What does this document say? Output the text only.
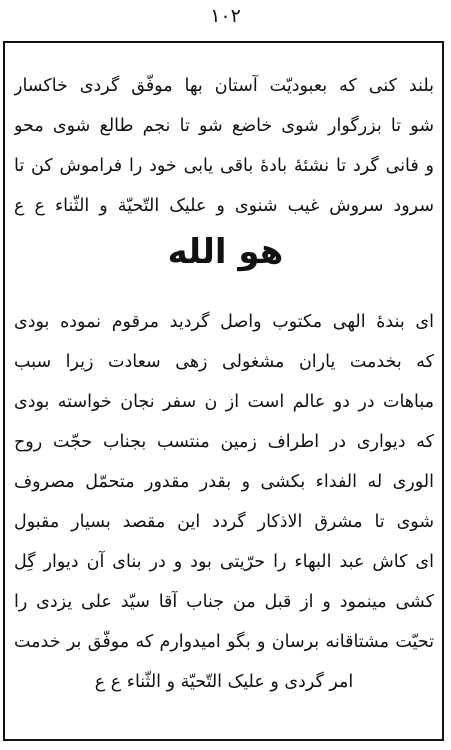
۱۰۲
بلند کنی که بعبودیّت آستان بها موفّق گردی خاکسار
شو تا بزرگوار شوی خاضع شو تا نجم طالع شوی محو
و فانی گرد تا نشئهٔ بادهٔ باقی یابی خود را فراموش کن تا
سرود سروش غیب شنوی و علیک التّحیّة و الثّناء ع ع
هو الله
ای بندهٔ الهی مکتوب واصل گردید مرقوم نموده بودی
که بخدمت یاران مشغولی زهی سعادت زیرا سبب
مباهات در دو عالم است از ن سفر نجان خواسته بودی
که دیواری در اطراف زمین منتسب بجناب حجّت روح
الوری له الفداء بکشی و بقدر مقدور متحمّل مصروف
شوی تا مشرق الاذکار گردد این مقصد بسیار مقبول
ای کاش عبد البهاء را حرّیتی بود و در بنای آن دیوار گِل
کشی مینمود و از قبل من جناب آقا سیّد علی یزدی را
تحیّت مشتاقانه برسان و بگو امیدوارم که موفّق بر خدمت
امر گردی و علیک التّحیّة و الثّناء ع ع
